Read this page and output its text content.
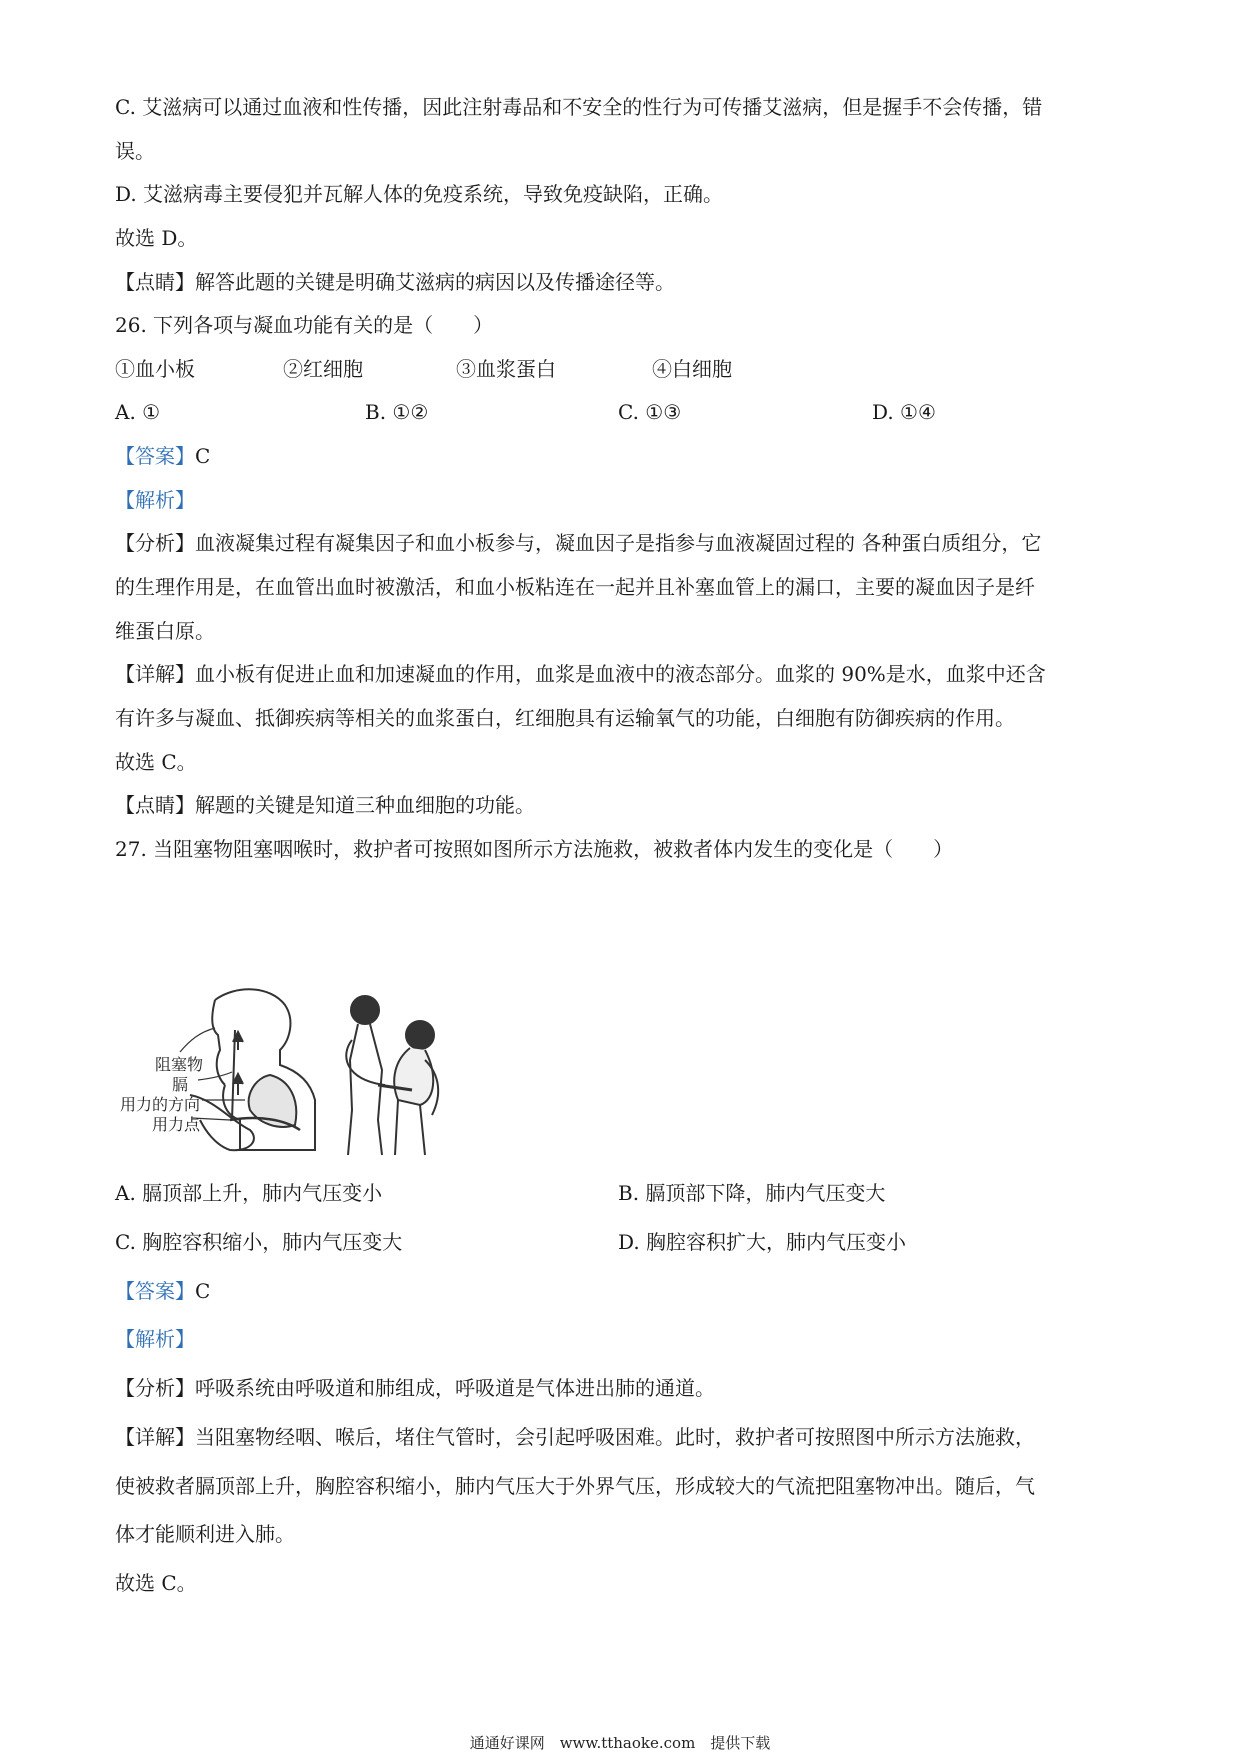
C. 艾滋病可以通过血液和性传播，因此注射毒品和不安全的性行为可传播艾滋病，但是握手不会传播，错
误。
D. 艾滋病毒主要侵犯并瓦解人体的免疫系统，导致免疫缺陷，正确。
故选 D。
【点睛】解答此题的关键是明确艾滋病的病因以及传播途径等。
26. 下列各项与凝血功能有关的是（　　）
①血小板	②红细胞	③血浆蛋白	④白细胞
A. ①	B. ①②	C. ①③	D. ①④
【答案】C
【解析】
【分析】血液凝集过程有凝集因子和血小板参与，凝血因子是指参与血液凝固过程的 各种蛋白质组分，它
的生理作用是，在血管出血时被激活，和血小板粘连在一起并且补塞血管上的漏口，主要的凝血因子是纤
维蛋白原。
【详解】血小板有促进止血和加速凝血的作用，血浆是血液中的液态部分。血浆的 90%是水，血浆中还含
有许多与凝血、抵御疾病等相关的血浆蛋白，红细胞具有运输氧气的功能，白细胞有防御疾病的作用。
故选 C。
【点睛】解题的关键是知道三种血细胞的功能。
27. 当阻塞物阻塞咽喉时，救护者可按照如图所示方法施救，被救者体内发生的变化是（　　）
阻塞物
膈
用力的方向
用力点
A. 膈顶部上升，肺内气压变小	B. 膈顶部下降，肺内气压变大
C. 胸腔容积缩小，肺内气压变大	D. 胸腔容积扩大，肺内气压变小
【答案】C
【解析】
【分析】呼吸系统由呼吸道和肺组成，呼吸道是气体进出肺的通道。
【详解】当阻塞物经咽、喉后，堵住气管时，会引起呼吸困难。此时，救护者可按照图中所示方法施救，
使被救者膈顶部上升，胸腔容积缩小，肺内气压大于外界气压，形成较大的气流把阻塞物冲出。随后，气
体才能顺利进入肺。
故选 C。
通通好课网　www.tthaoke.com　提供下载
